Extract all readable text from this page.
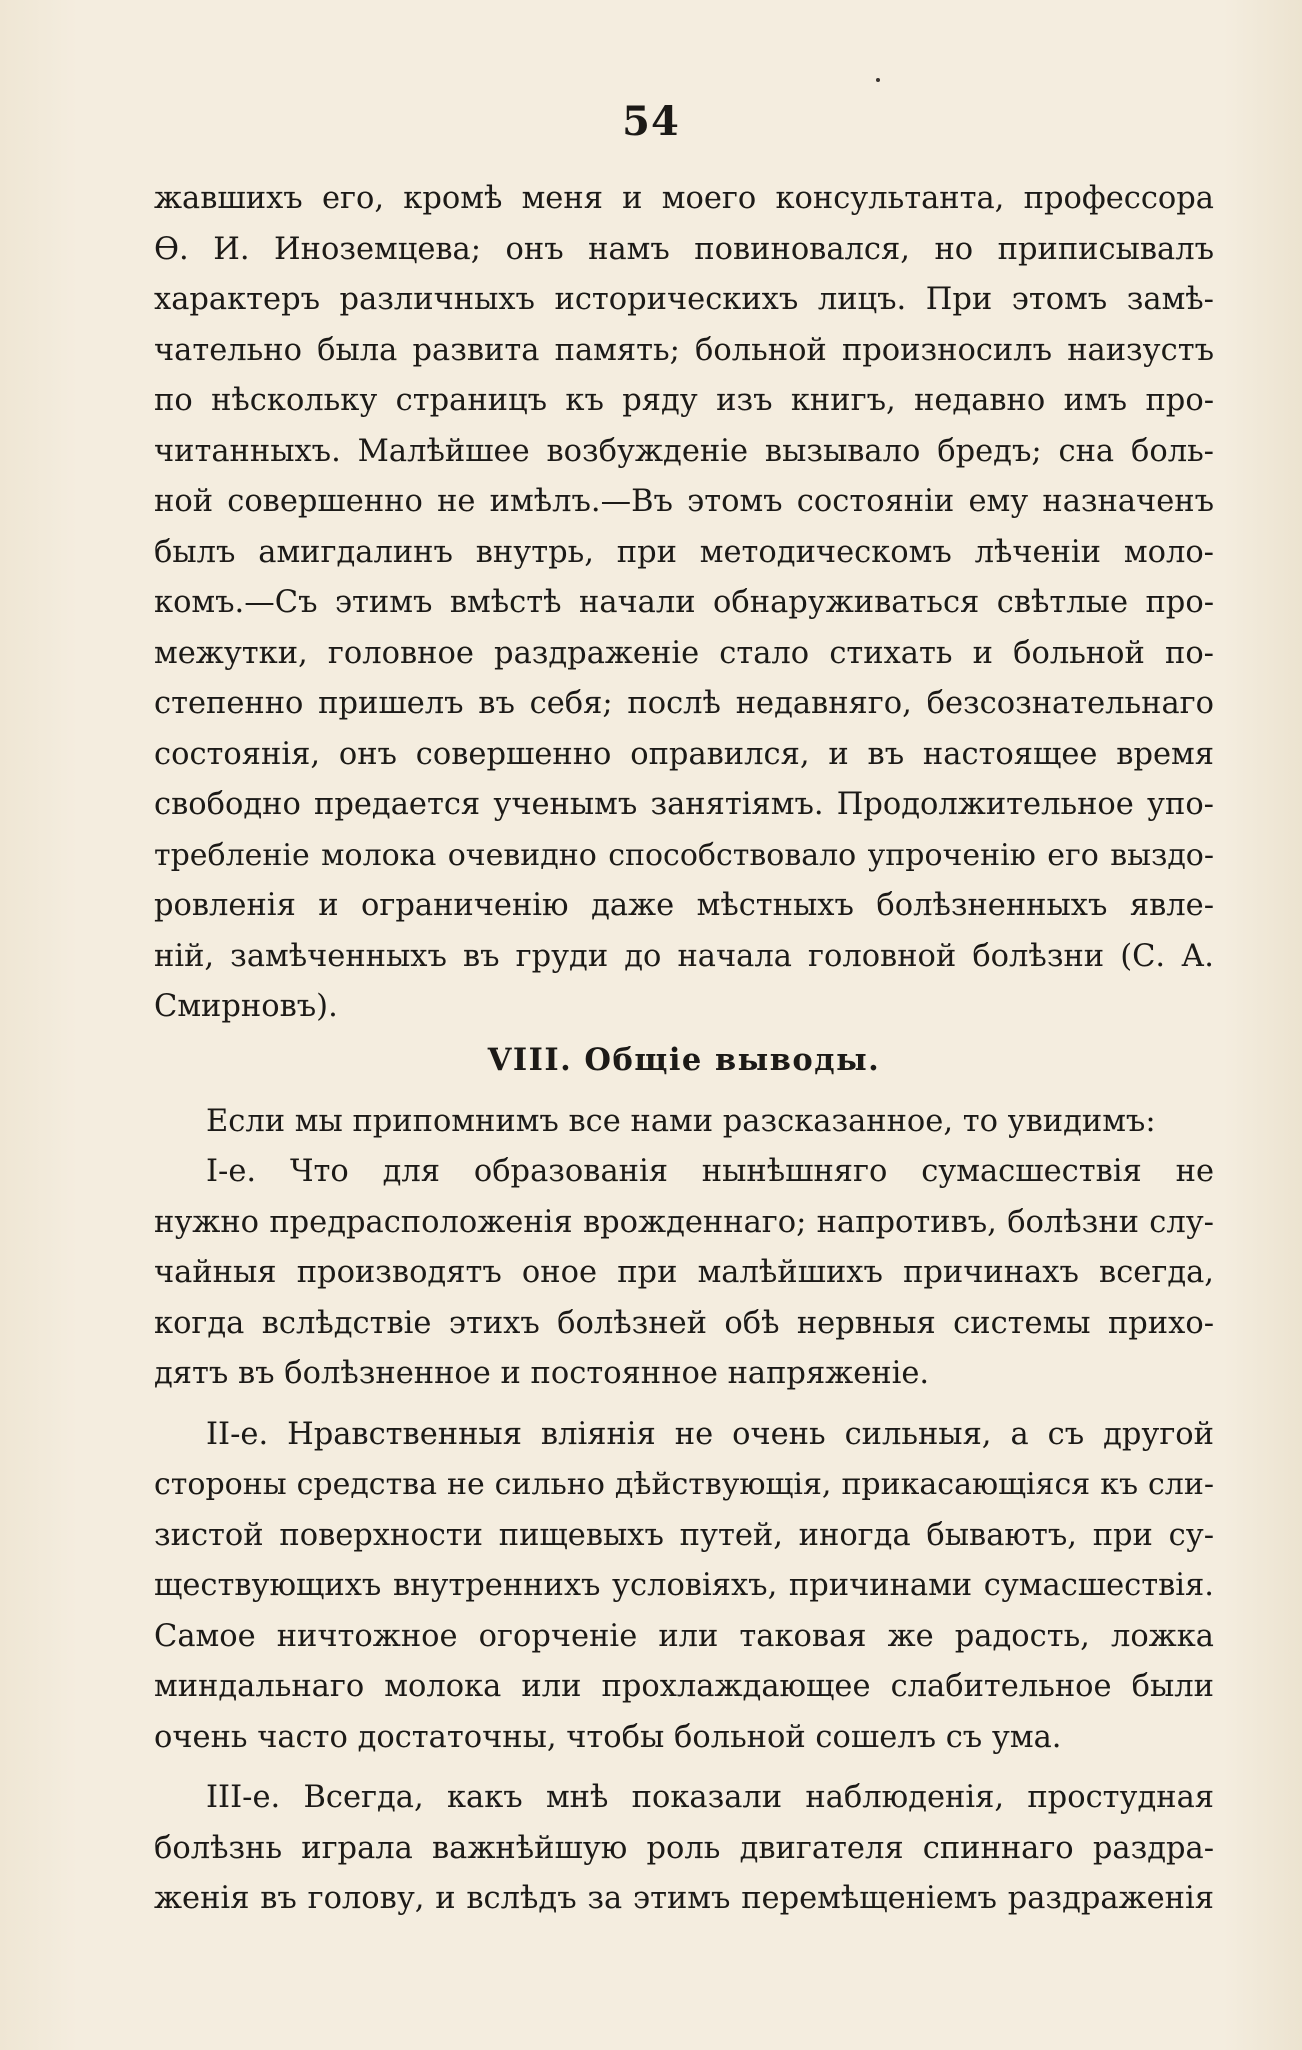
54
жавшихъ его, кромѣ меня и моего консультанта, профессора
Ѳ. И. Иноземцева; онъ намъ повиновался, но приписывалъ
характеръ различныхъ историческихъ лицъ. При этомъ замѣ-
чательно была развита память; больной произносилъ наизустъ
по нѣскольку страницъ къ ряду изъ книгъ, недавно имъ про-
читанныхъ. Малѣйшее возбужденіе вызывало бредъ; сна боль-
ной совершенно не имѣлъ.—Въ этомъ состояніи ему назначенъ
былъ амигдалинъ внутрь, при методическомъ лѣченіи моло-
комъ.—Съ этимъ вмѣстѣ начали обнаруживаться свѣтлые про-
межутки, головное раздраженіе стало стихать и больной по-
степенно пришелъ въ себя; послѣ недавняго, безсознательнаго
состоянія, онъ совершенно оправился, и въ настоящее время
свободно предается ученымъ занятіямъ. Продолжительное упо-
требленіе молока очевидно способствовало упроченію его выздо-
ровленія и ограниченію даже мѣстныхъ болѣзненныхъ явле-
ній, замѣченныхъ въ груди до начала головной болѣзни (С. А.
Смирновъ).
VIII. Общіе выводы.
Если мы припомнимъ все нами разсказанное, то увидимъ:
I-е. Что для образованія нынѣшняго сумасшествія не
нужно предрасположенія врожденнаго; напротивъ, болѣзни слу-
чайныя производятъ оное при малѣйшихъ причинахъ всегда,
когда вслѣдствіе этихъ болѣзней обѣ нервныя системы прихо-
дятъ въ болѣзненное и постоянное напряженіе.
II-е. Нравственныя вліянія не очень сильныя, а съ другой
стороны средства не сильно дѣйствующія, прикасающіяся къ сли-
зистой поверхности пищевыхъ путей, иногда бываютъ, при су-
ществующихъ внутреннихъ условіяхъ, причинами сумасшествія.
Самое ничтожное огорченіе или таковая же радость, ложка
миндальнаго молока или прохлаждающее слабительное были
очень часто достаточны, чтобы больной сошелъ съ ума.
III-е. Всегда, какъ мнѣ показали наблюденія, простудная
болѣзнь играла важнѣйшую роль двигателя спиннаго раздра-
женія въ голову, и вслѣдъ за этимъ перемѣщеніемъ раздраженія
